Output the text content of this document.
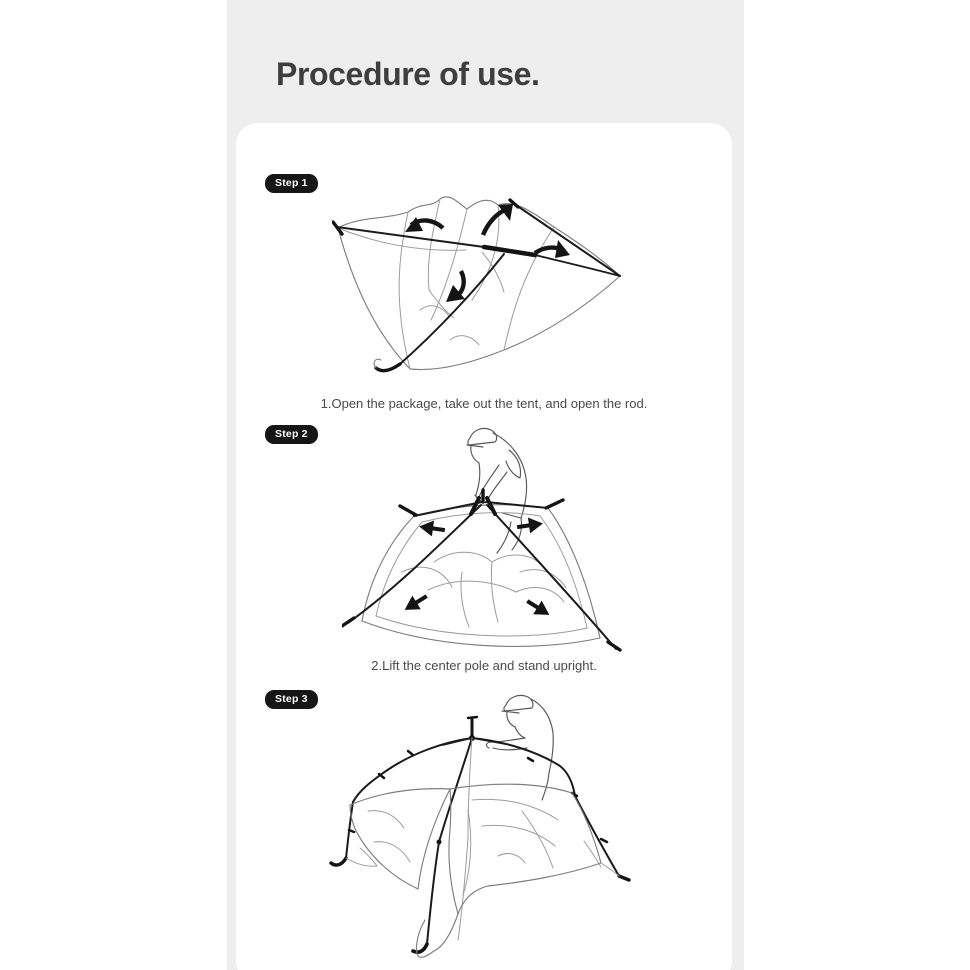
Procedure of use.
Step 1

1.Open the package, take out the tent, and open the rod.

Step 2

2.Lift the center pole and stand upright.

Step 3
